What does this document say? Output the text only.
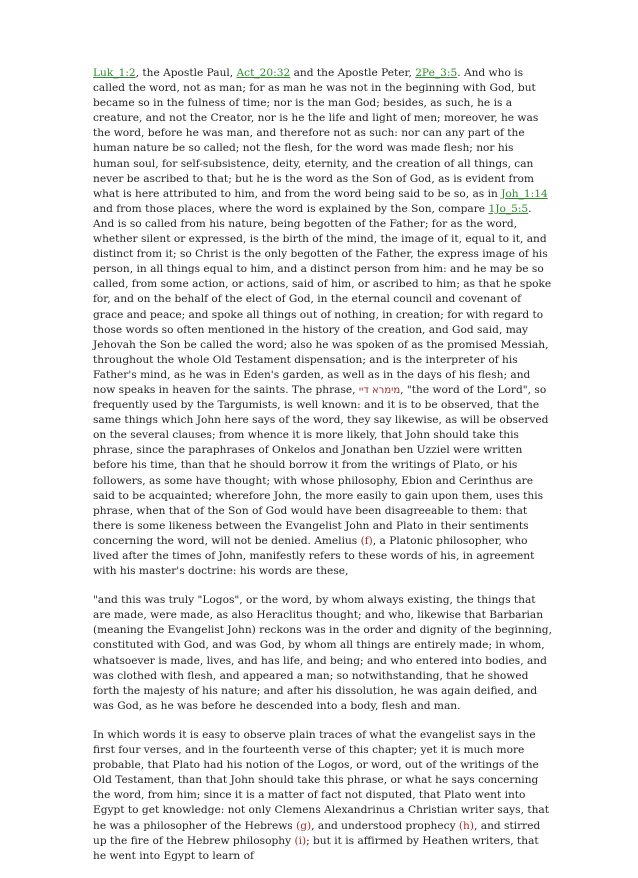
Luk_1:2, the Apostle Paul, Act_20:32 and the Apostle Peter, 2Pe_3:5. And who is called the word, not as man; for as man he was not in the beginning with God, but became so in the fulness of time; nor is the man God; besides, as such, he is a creature, and not the Creator, nor is he the life and light of men; moreover, he was the word, before he was man, and therefore not as such: nor can any part of the human nature be so called; not the flesh, for the word was made flesh; nor his human soul, for self-subsistence, deity, eternity, and the creation of all things, can never be ascribed to that; but he is the word as the Son of God, as is evident from what is here attributed to him, and from the word being said to be so, as in Joh_1:14 and from those places, where the word is explained by the Son, compare 1Jo_5:5. And is so called from his nature, being begotten of the Father; for as the word, whether silent or expressed, is the birth of the mind, the image of it, equal to it, and distinct from it; so Christ is the only begotten of the Father, the express image of his person, in all things equal to him, and a distinct person from him: and he may be so called, from some action, or actions, said of him, or ascribed to him; as that he spoke for, and on the behalf of the elect of God, in the eternal council and covenant of grace and peace; and spoke all things out of nothing, in creation; for with regard to those words so often mentioned in the history of the creation, and God said, may Jehovah the Son be called the word; also he was spoken of as the promised Messiah, throughout the whole Old Testament dispensation; and is the interpreter of his Father's mind, as he was in Eden's garden, as well as in the days of his flesh; and now speaks in heaven for the saints. The phrase, מימרא דיי, "the word of the Lord", so frequently used by the Targumists, is well known: and it is to be observed, that the same things which John here says of the word, they say likewise, as will be observed on the several clauses; from whence it is more likely, that John should take this phrase, since the paraphrases of Onkelos and Jonathan ben Uzziel were written before his time, than that he should borrow it from the writings of Plato, or his followers, as some have thought; with whose philosophy, Ebion and Cerinthus are said to be acquainted; wherefore John, the more easily to gain upon them, uses this phrase, when that of the Son of God would have been disagreeable to them: that there is some likeness between the Evangelist John and Plato in their sentiments concerning the word, will not be denied. Amelius (f), a Platonic philosopher, who lived after the times of John, manifestly refers to these words of his, in agreement with his master's doctrine: his words are these,

"and this was truly "Logos", or the word, by whom always existing, the things that are made, were made, as also Heraclitus thought; and who, likewise that Barbarian (meaning the Evangelist John) reckons was in the order and dignity of the beginning, constituted with God, and was God, by whom all things are entirely made; in whom, whatsoever is made, lives, and has life, and being; and who entered into bodies, and was clothed with flesh, and appeared a man; so notwithstanding, that he showed forth the majesty of his nature; and after his dissolution, he was again deified, and was God, as he was before he descended into a body, flesh and man.

In which words it is easy to observe plain traces of what the evangelist says in the first four verses, and in the fourteenth verse of this chapter; yet it is much more probable, that Plato had his notion of the Logos, or word, out of the writings of the Old Testament, than that John should take this phrase, or what he says concerning the word, from him; since it is a matter of fact not disputed, that Plato went into Egypt to get knowledge: not only Clemens Alexandrinus a Christian writer says, that he was a philosopher of the Hebrews (g), and understood prophecy (h), and stirred up the fire of the Hebrew philosophy (i); but it is affirmed by Heathen writers, that he went into Egypt to learn of
